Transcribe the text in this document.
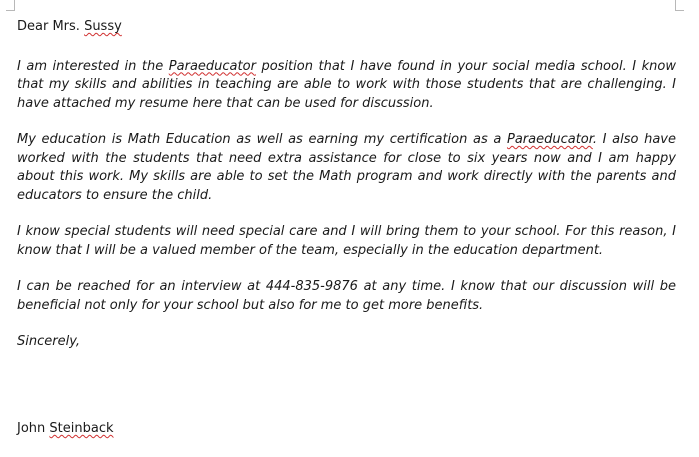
Dear Mrs. Sussy

I am interested in the Paraeducator position that I have found in your social media school. I know that my skills and abilities in teaching are able to work with those students that are challenging. I have attached my resume here that can be used for discussion.

My education is Math Education as well as earning my certification as a Paraeducator. I also have worked with the students that need extra assistance for close to six years now and I am happy about this work. My skills are able to set the Math program and work directly with the parents and educators to ensure the child.

I know special students will need special care and I will bring them to your school. For this reason, I know that I will be a valued member of the team, especially in the education department.

I can be reached for an interview at 444-835-9876 at any time. I know that our discussion will be beneficial not only for your school but also for me to get more benefits.

Sincerely,

John Steinback
